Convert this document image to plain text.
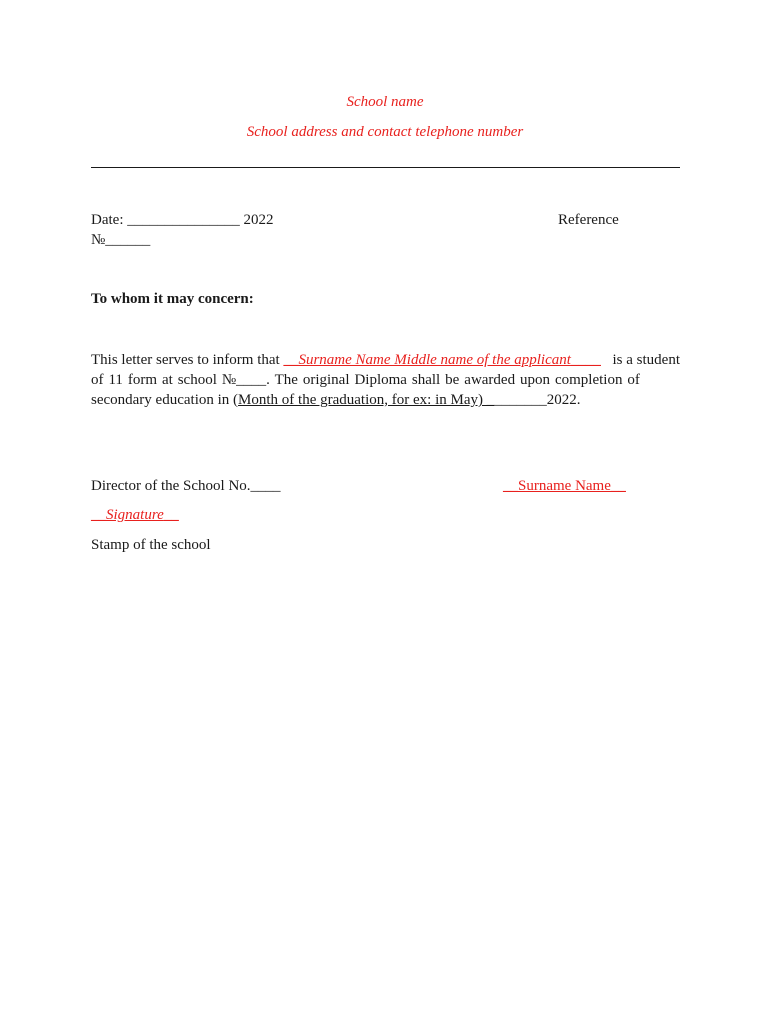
School name
School address and contact telephone number
Date: _______________ 2022	Reference
№______
To whom it may concern:
This letter serves to inform that __Surname Name Middle name of the applicant____ is a student
of 11 form at school №____. The original Diploma shall be awarded upon completion of
secondary education in (Month of the graduation, for ex: in May) ________2022.
Director of the School No.____	__Surname Name__
__Signature__
Stamp of the school
